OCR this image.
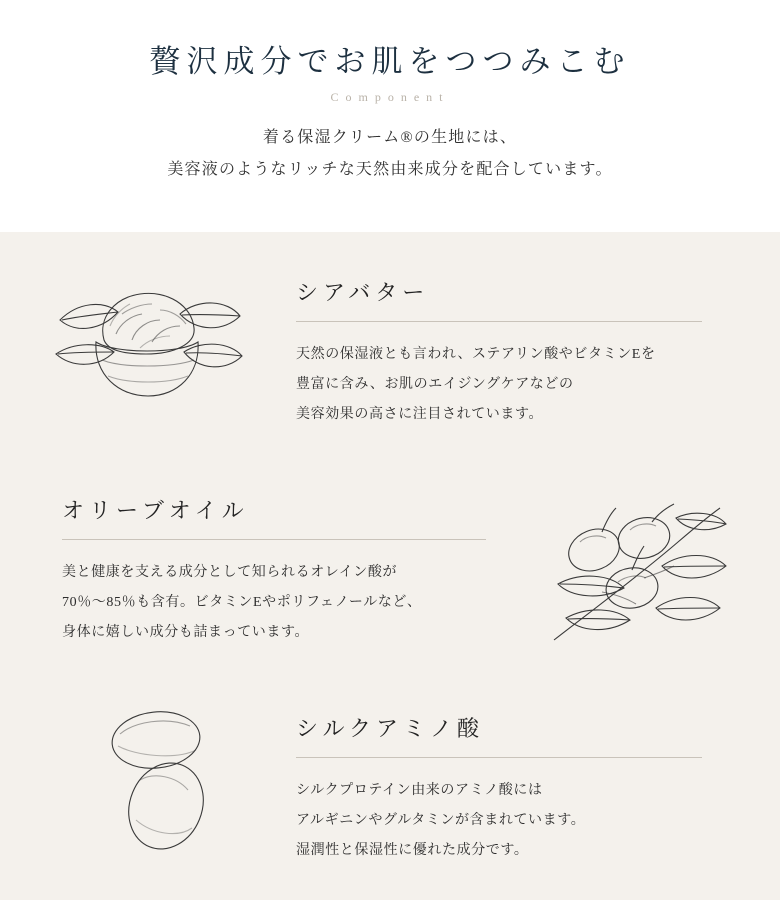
贅沢成分でお肌をつつみこむ
Component
着る保湿クリーム®の生地には、
美容液のようなリッチな天然由来成分を配合しています。
シアバター
天然の保湿液とも言われ、ステアリン酸やビタミンEを
豊富に含み、お肌のエイジングケアなどの
美容効果の高さに注目されています。
オリーブオイル
美と健康を支える成分として知られるオレイン酸が
70％〜85％も含有。ビタミンEやポリフェノールなど、
身体に嬉しい成分も詰まっています。
シルクアミノ酸
シルクプロテイン由来のアミノ酸には
アルギニンやグルタミンが含まれています。
湿潤性と保湿性に優れた成分です。
